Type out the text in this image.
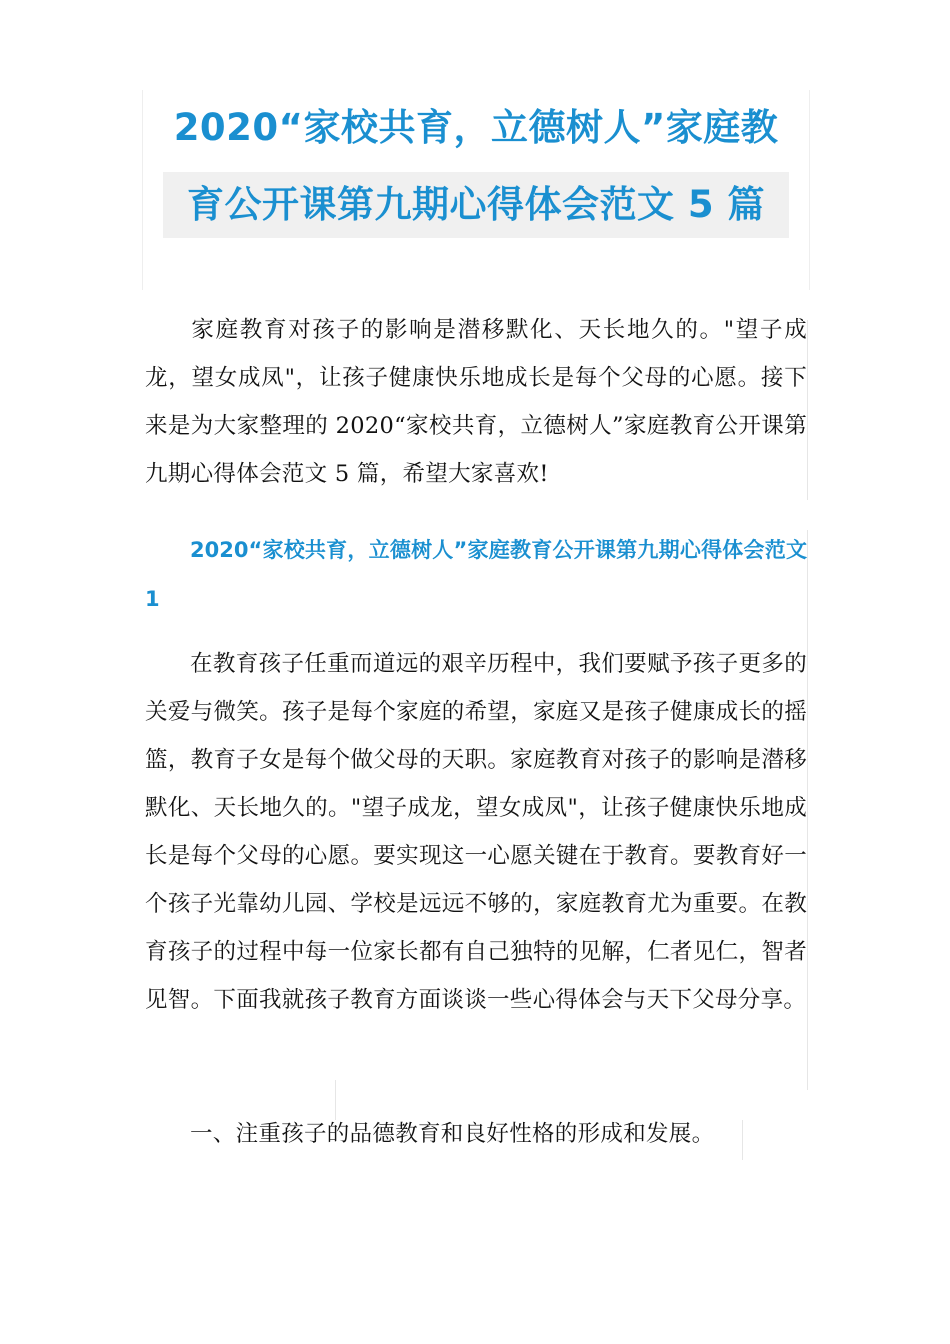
2020“家校共育，立德树人”家庭教
育公开课第九期心得体会范文 5 篇
家庭教育对孩子的影响是潜移默化、天长地久的。"望子成龙，望女成凤"，让孩子健康快乐地成长是每个父母的心愿。接下来是为大家整理的 2020“家校共育，立德树人”家庭教育公开课第九期心得体会范文 5 篇，希望大家喜欢!
2020“家校共育，立德树人”家庭教育公开课第九期心得体会范文 1
在教育孩子任重而道远的艰辛历程中，我们要赋予孩子更多的关爱与微笑。孩子是每个家庭的希望，家庭又是孩子健康成长的摇篮，教育子女是每个做父母的天职。家庭教育对孩子的影响是潜移默化、天长地久的。"望子成龙，望女成凤"，让孩子健康快乐地成长是每个父母的心愿。要实现这一心愿关键在于教育。要教育好一个孩子光靠幼儿园、学校是远远不够的，家庭教育尤为重要。在教育孩子的过程中每一位家长都有自己独特的见解，仁者见仁，智者见智。下面我就孩子教育方面谈谈一些心得体会与天下父母分享。
一、注重孩子的品德教育和良好性格的形成和发展。
